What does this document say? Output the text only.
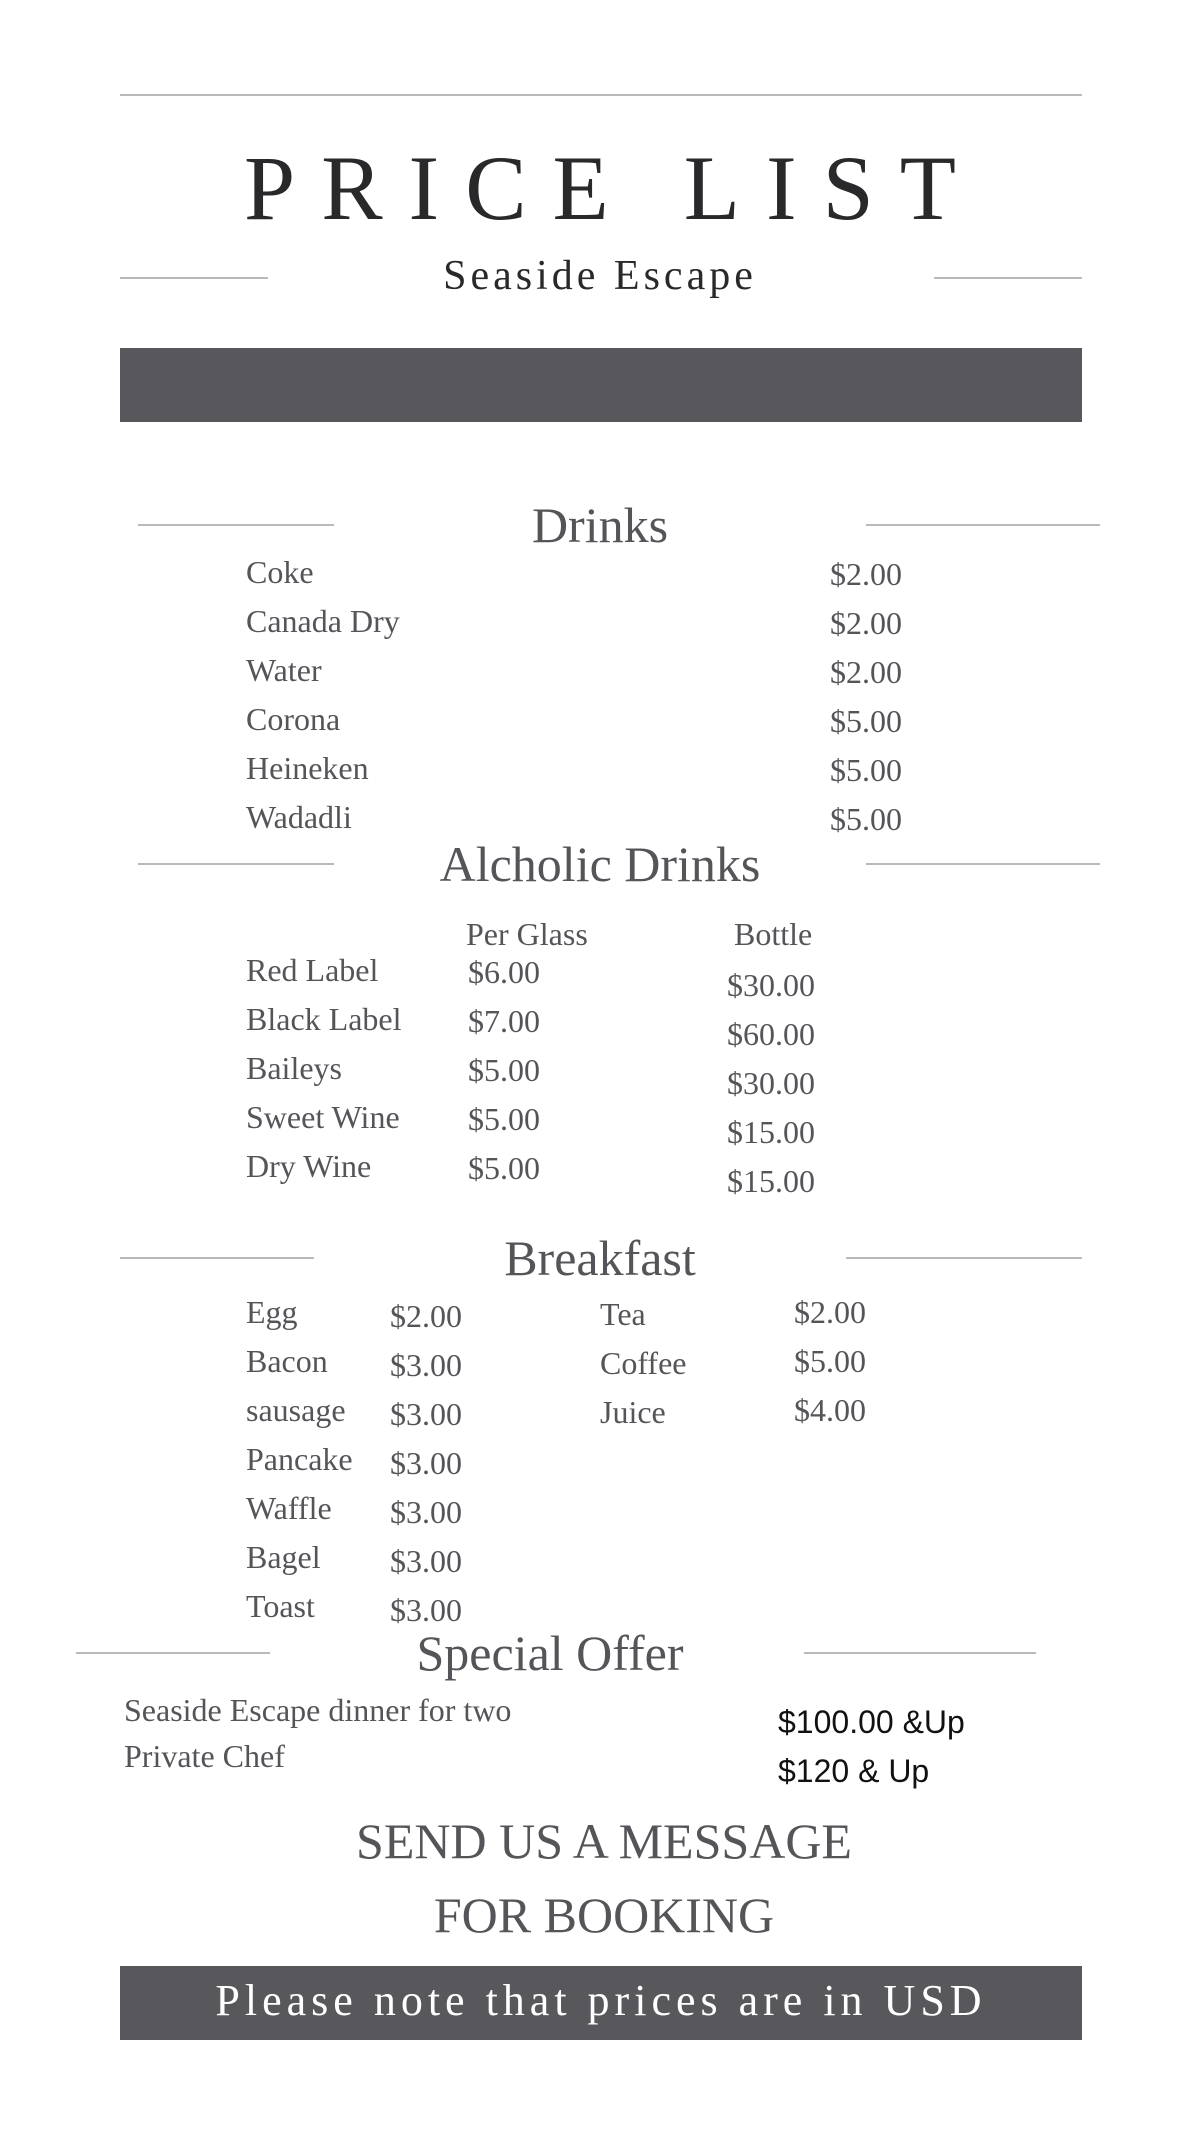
PRICE LIST
Seaside Escape
Drinks
Coke	$2.00
Canada Dry	$2.00
Water	$2.00
Corona	$5.00
Heineken	$5.00
Wadadli	$5.00
Alcholic Drinks
Per Glass	Bottle
Red Label	$6.00	$30.00
Black Label $7.00	$60.00
Baileys	$5.00	$30.00
Sweet Wine $5.00	$15.00
Dry Wine	$5.00	$15.00
Breakfast
Egg	$2.00
Bacon $3.00
sausage $3.00
Pancake $3.00
Waffle $3.00
Bagel $3.00
Toast $3.00
Tea	$2.00
Coffee	$5.00
Juice	$4.00
Special Offer
Seaside Escape dinner for two	$100.00 &Up
Private Chef	$120 & Up
SEND US A MESSAGE
FOR BOOKING
Please note that prices are in USD
